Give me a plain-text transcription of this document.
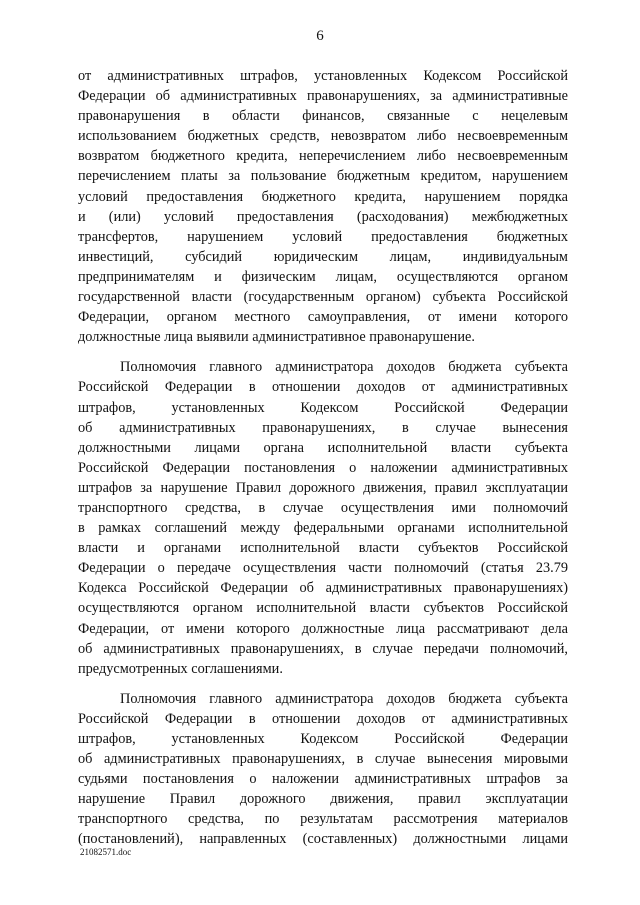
6
от административных штрафов, установленных Кодексом Российской
Федерации об административных правонарушениях, за административные
правонарушения в области финансов, связанные с нецелевым
использованием бюджетных средств, невозвратом либо несвоевременным
возвратом бюджетного кредита, неперечислением либо несвоевременным
перечислением платы за пользование бюджетным кредитом, нарушением
условий предоставления бюджетного кредита, нарушением порядка
и (или) условий предоставления (расходования) межбюджетных
трансфертов, нарушением условий предоставления бюджетных
инвестиций, субсидий юридическим лицам, индивидуальным
предпринимателям и физическим лицам, осуществляются органом
государственной власти (государственным органом) субъекта Российской
Федерации, органом местного самоуправления, от имени которого
должностные лица выявили административное правонарушение.
Полномочия главного администратора доходов бюджета субъекта
Российской Федерации в отношении доходов от административных
штрафов, установленных Кодексом Российской Федерации
об административных правонарушениях, в случае вынесения
должностными лицами органа исполнительной власти субъекта
Российской Федерации постановления о наложении административных
штрафов за нарушение Правил дорожного движения, правил эксплуатации
транспортного средства, в случае осуществления ими полномочий
в рамках соглашений между федеральными органами исполнительной
власти и органами исполнительной власти субъектов Российской
Федерации о передаче осуществления части полномочий (статья 23.79
Кодекса Российской Федерации об административных правонарушениях)
осуществляются органом исполнительной власти субъектов Российской
Федерации, от имени которого должностные лица рассматривают дела
об административных правонарушениях, в случае передачи полномочий,
предусмотренных соглашениями.
Полномочия главного администратора доходов бюджета субъекта
Российской Федерации в отношении доходов от административных
штрафов, установленных Кодексом Российской Федерации
об административных правонарушениях, в случае вынесения мировыми
судьями постановления о наложении административных штрафов за
нарушение Правил дорожного движения, правил эксплуатации
транспортного средства, по результатам рассмотрения материалов
(постановлений), направленных (составленных) должностными лицами
21082571.doc
